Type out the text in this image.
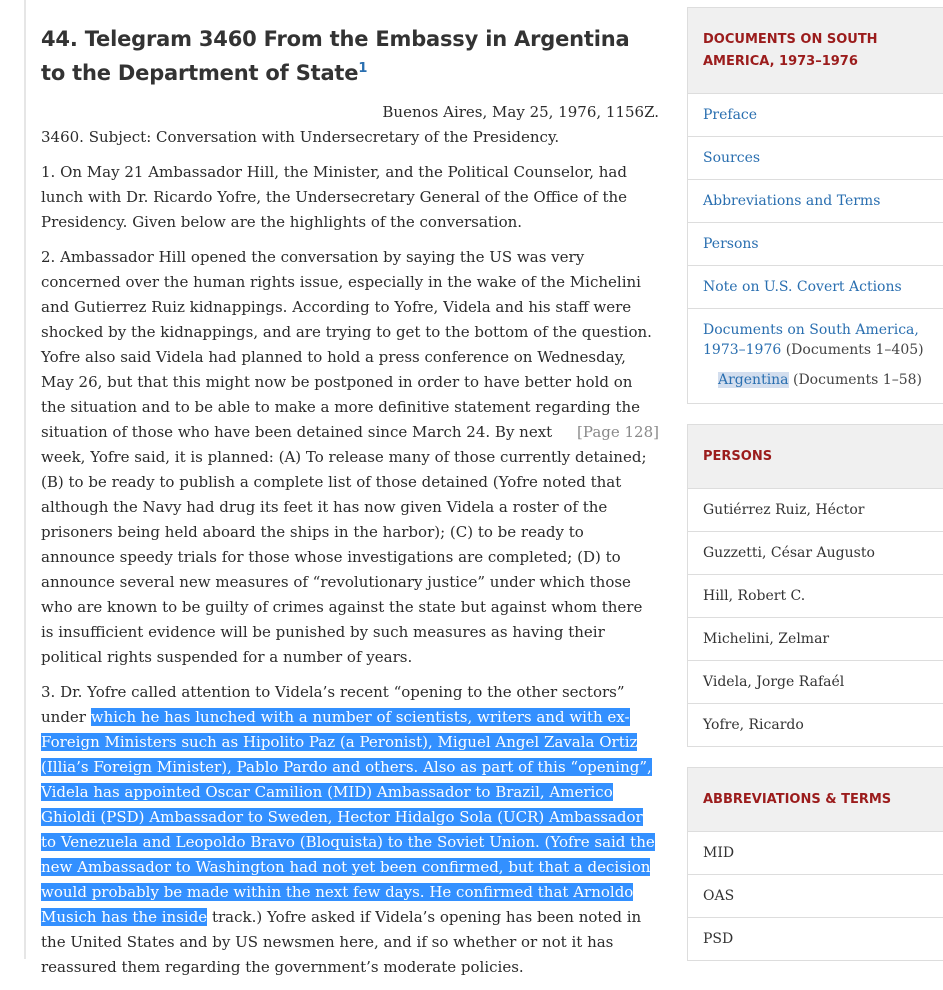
44. Telegram 3460 From the Embassy in Argentina to the Department of State$^1$

Buenos Aires, May 25, 1976, 1156Z.

3460. Subject: Conversation with Undersecretary of the Presidency.

1. On May 21 Ambassador Hill, the Minister, and the Political Counselor, had lunch with Dr. Ricardo Yofre, the Undersecretary General of the Office of the Presidency. Given below are the highlights of the conversation.

2. Ambassador Hill opened the conversation by saying the US was very concerned over the human rights issue, especially in the wake of the Michelini and Gutierrez Ruiz kidnappings. According to Yofre, Videla and his staff were shocked by the kidnappings, and are trying to get to the bottom of the question. Yofre also said Videla had planned to hold a press conference on Wednesday, May 26, but that this might now be postponed in order to have better hold on the situation and to be able to make a more definitive statement regarding the situation of those	[Page 128]
who have been detained since March 24. By next week, Yofre said, it is planned: (A) To release many of those currently detained; (B) to be ready to publish a complete list of those detained (Yofre noted that although the Navy had drug its feet it has now given Videla a roster of the prisoners being held aboard the ships in the harbor); (C) to be ready to announce speedy trials for those whose investigations are completed; (D) to announce several new measures of “revolutionary justice” under which those who are known to be guilty of crimes against the state but against whom there is insufficient evidence will be punished by such measures as having their political rights suspended for a number of years.

3. Dr. Yofre called attention to Videla’s recent “opening to the other sectors” under which he has lunched with a number of scientists, writers and with ex-Foreign Ministers such as Hipolito Paz (a Peronist), Miguel Angel Zavala Ortiz (Illia’s Foreign Minister), Pablo Pardo and others. Also as part of this “opening”, Videla has appointed Oscar Camilion (MID) Ambassador to Brazil, Americo Ghioldi (PSD) Ambassador to Sweden, Hector Hidalgo Sola (UCR) Ambassador to Venezuela and Leopoldo Bravo (Bloquista) to the Soviet Union. (Yofre said the new Ambassador to Washington had not yet been confirmed, but that a decision would probably be made within the next few days. He confirmed that Arnoldo Musich has the inside track.) Yofre asked if Videla’s opening has been noted in the United States and by US newsmen here, and if so whether or not it has reassured them regarding the government’s moderate policies.

DOCUMENTS ON SOUTH AMERICA, 1973–1976
Preface
Sources
Abbreviations and Terms
Persons
Note on U.S. Covert Actions
Documents on South America, 1973–1976 (Documents 1–405)
Argentina (Documents 1–58)
PERSONS
Gutiérrez Ruiz, Héctor
Guzzetti, César Augusto
Hill, Robert C.
Michelini, Zelmar
Videla, Jorge Rafaél
Yofre, Ricardo
ABBREVIATIONS & TERMS
MID
OAS
PSD
